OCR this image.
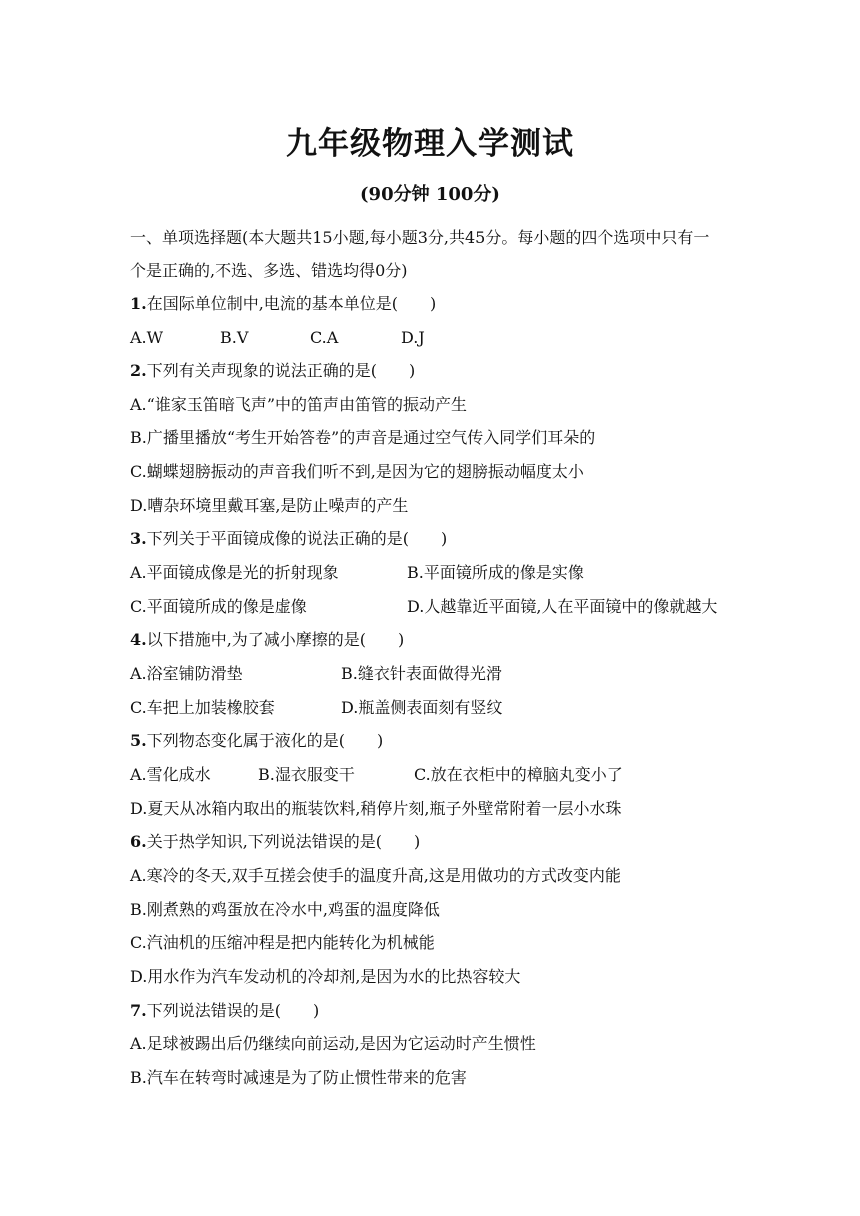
九年级物理入学测试
(90分钟 100分)
一、单项选择题(本大题共15小题,每小题3分,共45分。每小题的四个选项中只有一
个是正确的,不选、多选、错选均得0分)
1.在国际单位制中,电流的基本单位是(　　)
A.W	B.V	C.A	D.J
2.下列有关声现象的说法正确的是(　　)
A.“谁家玉笛暗飞声”中的笛声由笛管的振动产生
B.广播里播放“考生开始答卷”的声音是通过空气传入同学们耳朵的
C.蝴蝶翅膀振动的声音我们听不到,是因为它的翅膀振动幅度太小
D.嘈杂环境里戴耳塞,是防止噪声的产生
3.下列关于平面镜成像的说法正确的是(　　)
A.平面镜成像是光的折射现象	B.平面镜所成的像是实像
C.平面镜所成的像是虚像	D.人越靠近平面镜,人在平面镜中的像就越大
4.以下措施中,为了减小摩擦的是(　　)
A.浴室铺防滑垫	B.缝衣针表面做得光滑
C.车把上加装橡胶套	D.瓶盖侧表面刻有竖纹
5.下列物态变化属于液化的是(　　)
A.雪化成水	B.湿衣服变干	C.放在衣柜中的樟脑丸变小了
D.夏天从冰箱内取出的瓶装饮料,稍停片刻,瓶子外壁常附着一层小水珠
6.关于热学知识,下列说法错误的是(　　)
A.寒冷的冬天,双手互搓会使手的温度升高,这是用做功的方式改变内能
B.刚煮熟的鸡蛋放在冷水中,鸡蛋的温度降低
C.汽油机的压缩冲程是把内能转化为机械能
D.用水作为汽车发动机的冷却剂,是因为水的比热容较大
7.下列说法错误的是(　　)
A.足球被踢出后仍继续向前运动,是因为它运动时产生惯性
B.汽车在转弯时减速是为了防止惯性带来的危害
